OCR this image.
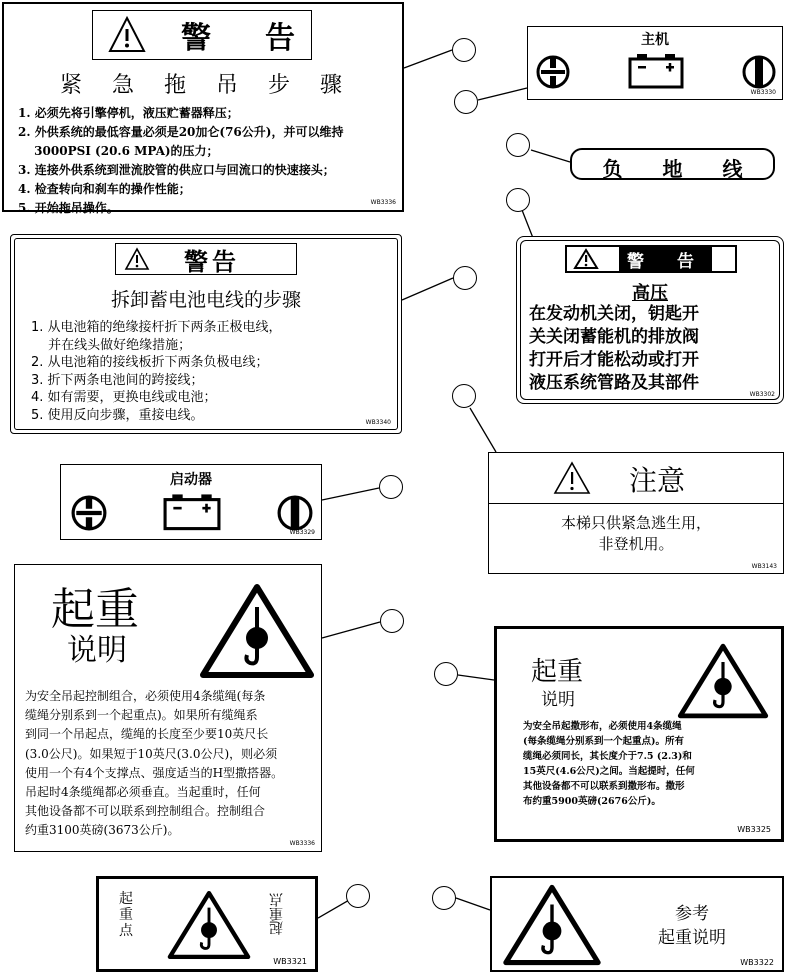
警　告
紧　急　拖　吊　步　骤
1. 必须先将引擎停机，液压贮蓄器释压；
2. 外供系统的最低容量必须是20加仑(76公升)，并可以维持
　 3000PSI (20.6 MPA)的压力；
3. 连接外供系统到泄流胶管的供应口与回流口的快速接头；
4. 检查转向和刹车的操作性能；
5. 开始拖吊操作。	WB3336
主机
WB3330
负　　地　　线
警告
拆卸蓄电池电线的步骤
1. 从电池箱的绝缘接杆折下两条正极电线，
　 并在线头做好绝缘措施；
2. 从电池箱的接线板折下两条负极电线；
3. 折下两条电池间的跨接线；
4. 如有需要，更换电线或电池；
5. 使用反向步骤，重接电线。	WB3340
警　告
高压
在发动机关闭，钥匙开
关关闭蓄能机的排放阀
打开后才能松动或打开
液压系统管路及其部件
WB3302
启动器
WB3329
注意
本梯只供紧急逃生用，
非登机用。
WB3143
起重
说明
为安全吊起控制组合，必须使用4条缆绳(每条
缆绳分别系到一个起重点)。如果所有缆绳系
到同一个吊起点，缆绳的长度至少要10英尺长
(3.0公尺)。如果短于10英尺(3.0公尺)，则必须
使用一个有4个支撑点、强度适当的H型撒搭器。
吊起时4条缆绳都必须垂直。当起重时，任何
其他设备都不可以联系到控制组合。控制组合
约重3100英磅(3673公斤)。
WB3336
起重
说明
为安全吊起撒形布，必须使用4条缆绳
(每条缆绳分别系到一个起重点)。所有
缆绳必须同长，其长度介于7.5 (2.3)和
15英尺(4.6公尺)之间。当起提时，任何
其他设备都不可以联系到撒形布。撒形
布约重5900英磅(2676公斤)。
WB3325
起
重
点	起重点
WB3321
参考
起重说明
WB3322
